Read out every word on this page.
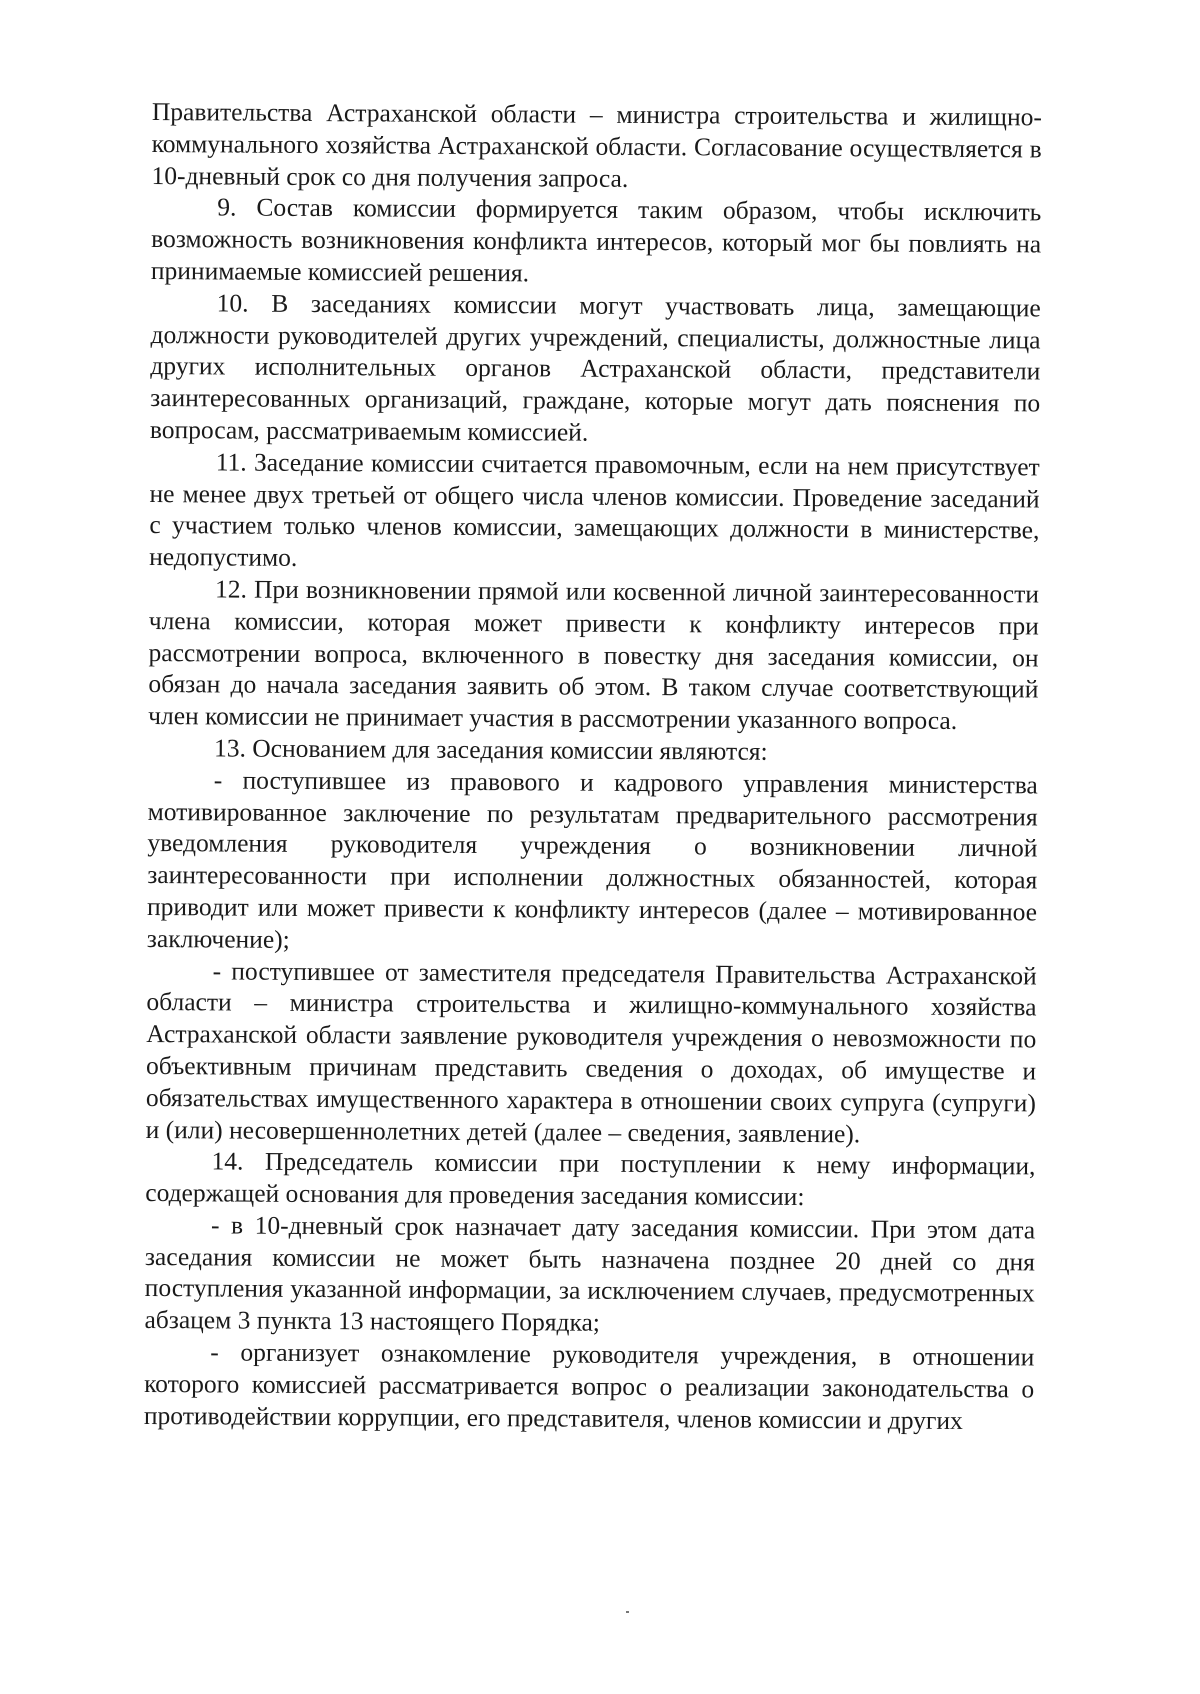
Правительства Астраханской области – министра строительства и жилищно-коммунального хозяйства Астраханской области. Согласование осуществляется в 10-дневный срок со дня получения запроса.

9. Состав комиссии формируется таким образом, чтобы исключить возможность возникновения конфликта интересов, который мог бы повлиять на принимаемые комиссией решения.

10. В заседаниях комиссии могут участвовать лица, замещающие должности руководителей других учреждений, специалисты, должностные лица других исполнительных органов Астраханской области, представители заинтересованных организаций, граждане, которые могут дать пояснения по вопросам, рассматриваемым комиссией.

11. Заседание комиссии считается правомочным, если на нем присутствует не менее двух третьей от общего числа членов комиссии. Проведение заседаний с участием только членов комиссии, замещающих должности в министерстве, недопустимо.

12. При возникновении прямой или косвенной личной заинтересованности члена комиссии, которая может привести к конфликту интересов при рассмотрении вопроса, включенного в повестку дня заседания комиссии, он обязан до начала заседания заявить об этом. В таком случае соответствующий член комиссии не принимает участия в рассмотрении указанного вопроса.

13. Основанием для заседания комиссии являются:

- поступившее из правового и кадрового управления министерства мотивированное заключение по результатам предварительного рассмотрения уведомления руководителя учреждения о возникновении личной заинтересованности при исполнении должностных обязанностей, которая приводит или может привести к конфликту интересов (далее – мотивированное заключение);

- поступившее от заместителя председателя Правительства Астраханской области – министра строительства и жилищно-коммунального хозяйства Астраханской области заявление руководителя учреждения о невозможности по объективным причинам представить сведения о доходах, об имуществе и обязательствах имущественного характера в отношении своих супруга (супруги) и (или) несовершеннолетних детей (далее – сведения, заявление).

14. Председатель комиссии при поступлении к нему информации, содержащей основания для проведения заседания комиссии:

- в 10-дневный срок назначает дату заседания комиссии. При этом дата заседания комиссии не может быть назначена позднее 20 дней со дня поступления указанной информации, за исключением случаев, предусмотренных абзацем 3 пункта 13 настоящего Порядка;

- организует ознакомление руководителя учреждения, в отношении которого комиссией рассматривается вопрос о реализации законодательства о противодействии коррупции, его представителя, членов комиссии и других
